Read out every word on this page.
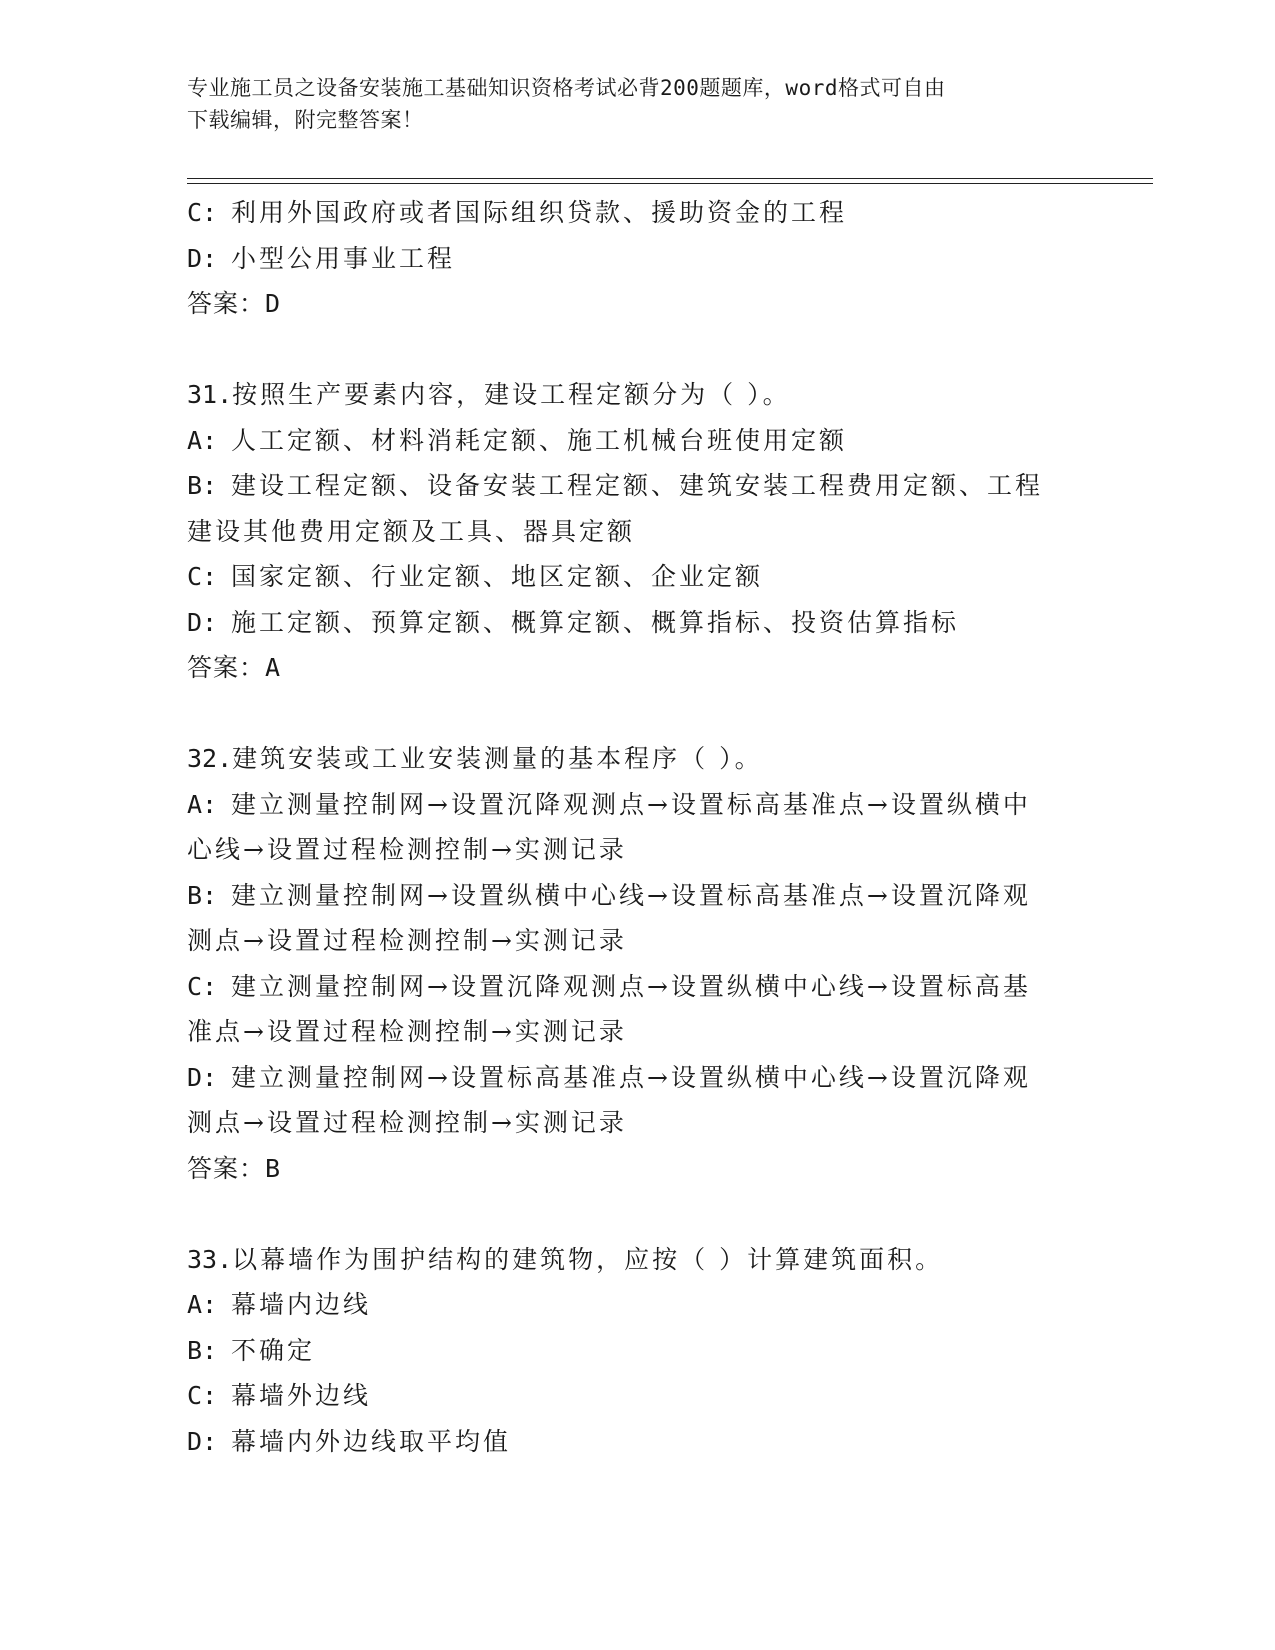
专业施工员之设备安装施工基础知识资格考试必背200题题库，word格式可自由
下载编辑，附完整答案！
C: 利用外国政府或者国际组织贷款、援助资金的工程
D: 小型公用事业工程
答案：D
31.按照生产要素内容，建设工程定额分为（ ）。
A: 人工定额、材料消耗定额、施工机械台班使用定额
B: 建设工程定额、设备安装工程定额、建筑安装工程费用定额、工程
建设其他费用定额及工具、器具定额
C: 国家定额、行业定额、地区定额、企业定额
D: 施工定额、预算定额、概算定额、概算指标、投资估算指标
答案：A
32.建筑安装或工业安装测量的基本程序（ ）。
A: 建立测量控制网→设置沉降观测点→设置标高基准点→设置纵横中
心线→设置过程检测控制→实测记录
B: 建立测量控制网→设置纵横中心线→设置标高基准点→设置沉降观
测点→设置过程检测控制→实测记录
C: 建立测量控制网→设置沉降观测点→设置纵横中心线→设置标高基
准点→设置过程检测控制→实测记录
D: 建立测量控制网→设置标高基准点→设置纵横中心线→设置沉降观
测点→设置过程检测控制→实测记录
答案：B
33.以幕墙作为围护结构的建筑物，应按（ ）计算建筑面积。
A: 幕墙内边线
B: 不确定
C: 幕墙外边线
D: 幕墙内外边线取平均值
